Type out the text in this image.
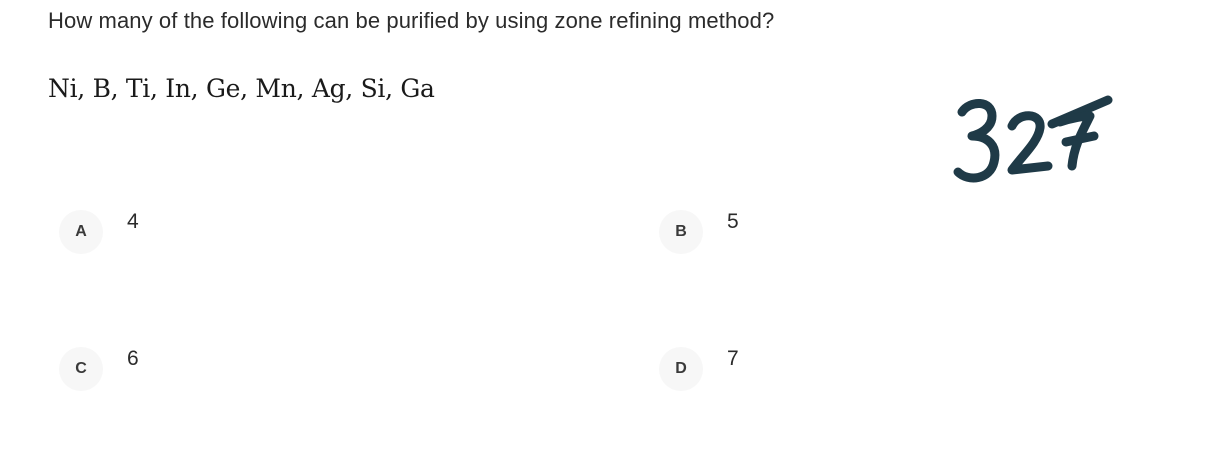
How many of the following can be purified by using zone refining method?
Ni, B, Ti, In, Ge, Mn, Ag, Si, Ga
A	4	B	5
C	6	D	7
